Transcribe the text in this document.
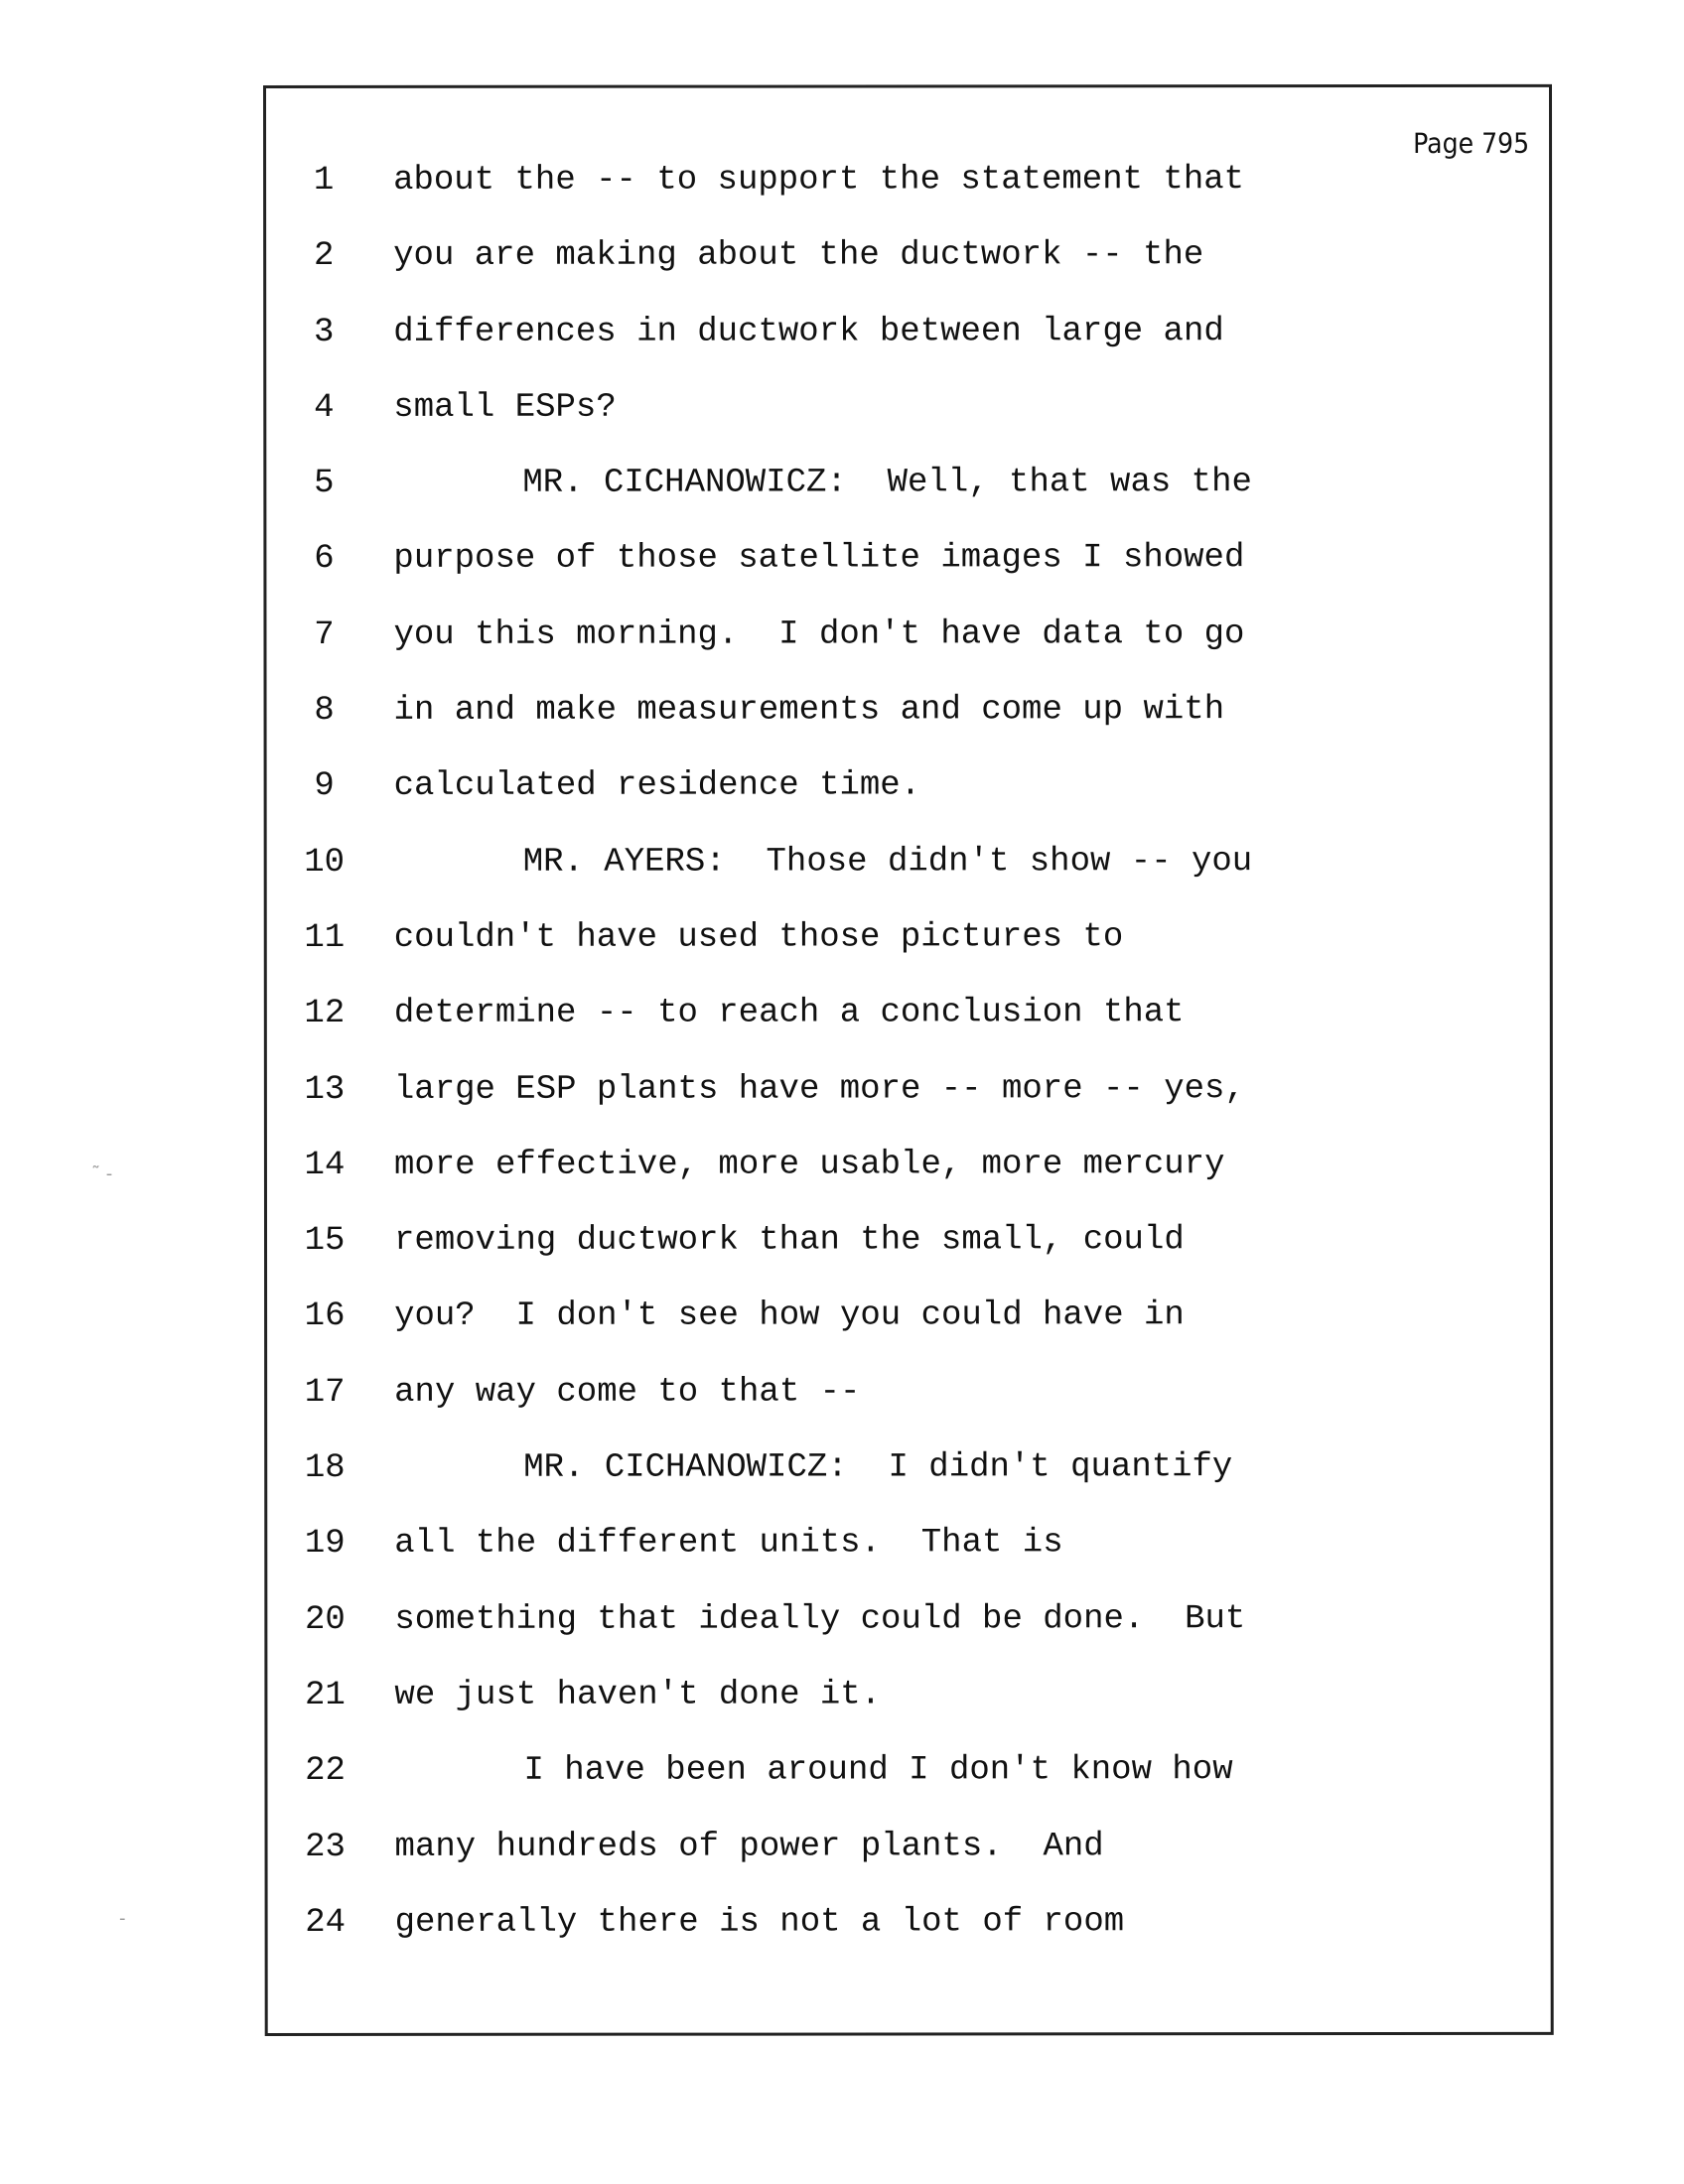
˜ -
-
Page 795
1	about the -- to support the statement that
2	you are making about the ductwork -- the
3	differences in ductwork between large and
4	small ESPs?
5	MR. CICHANOWICZ:  Well, that was the
6	purpose of those satellite images I showed
7	you this morning.  I don't have data to go
8	in and make measurements and come up with
9	calculated residence time.
10	MR. AYERS:  Those didn't show -- you
11 couldn't have used those pictures to
12 determine -- to reach a conclusion that
13 large ESP plants have more -- more -- yes,
14 more effective, more usable, more mercury
15 removing ductwork than the small, could
16 you?  I don't see how you could have in
17 any way come to that --
18	MR. CICHANOWICZ:  I didn't quantify
19 all the different units.  That is
20 something that ideally could be done.  But
21 we just haven't done it.
22	I have been around I don't know how
23 many hundreds of power plants.  And
24 generally there is not a lot of room
